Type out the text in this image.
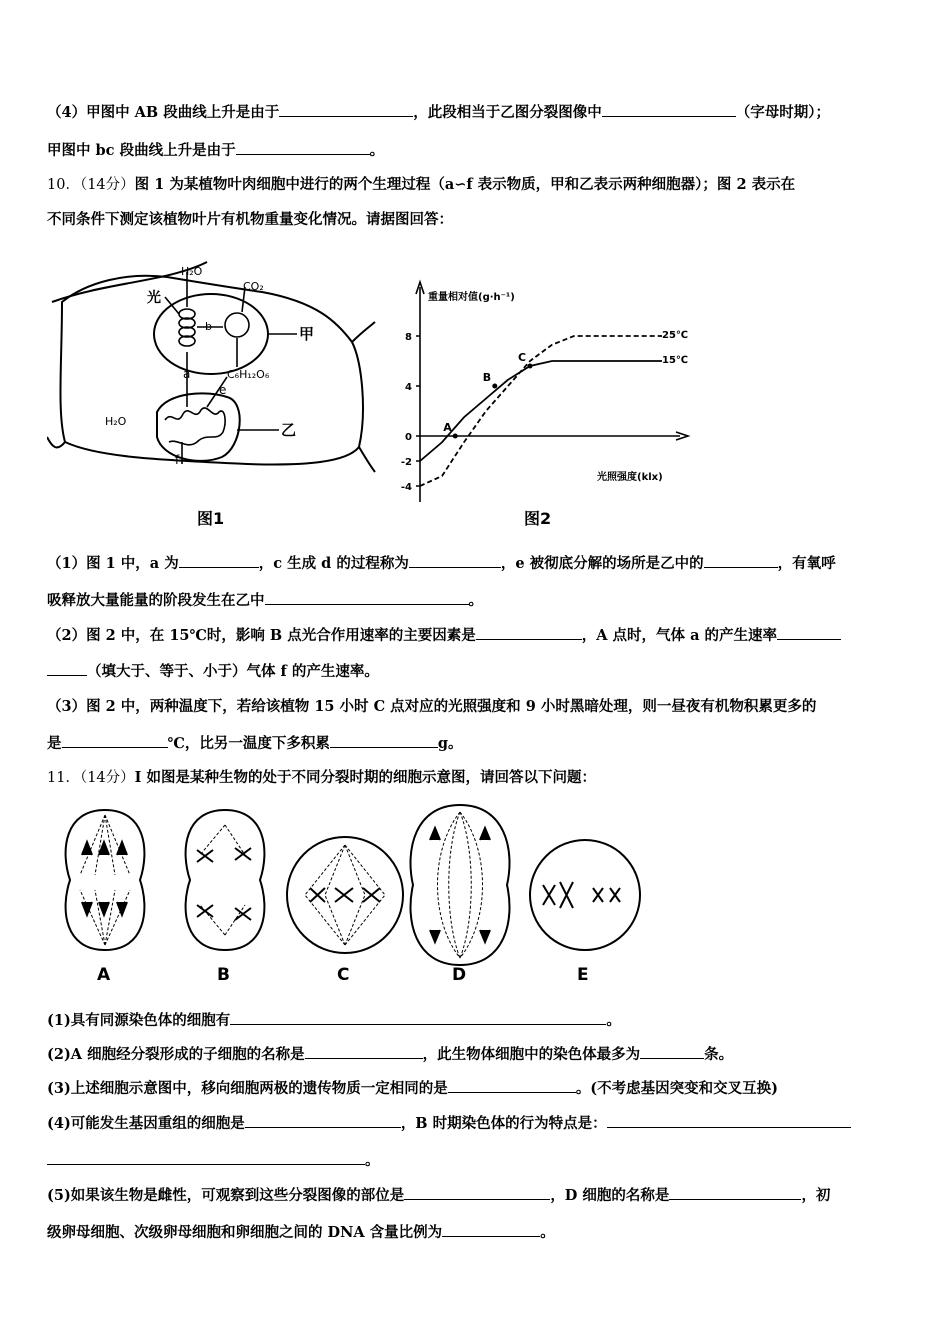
（4）甲图中 AB 段曲线上升是由于	，此段相当于乙图分裂图像中	（字母时期）；
甲图中 bc 段曲线上升是由于	。
10．（14分）图 1 为某植物叶肉细胞中进行的两个生理过程（a∽f 表示物质，甲和乙表示两种细胞器）；图 2 表示在
不同条件下测定该植物叶片有机物重量变化情况。请据图回答：
H₂O
CO₂
光
b
a	C₆H₁₂O₆
e
H₂O
f
甲
乙
图1
-4
-2
0
4
8
A
B
C
重量相对值(g·h⁻¹)
光照强度(klx)
25℃
15℃
图2
（1）图 1 中，a 为	，c 生成 d 的过程称为	，e 被彻底分解的场所是乙中的	，有氧呼
吸释放大量能量的阶段发生在乙中	。
（2）图 2 中，在 15℃时，影响 B 点光合作用速率的主要因素是	，A 点时，气体 a 的产生速率
（填大于、等于、小于）气体 f 的产生速率。
（3）图 2 中，两种温度下，若给该植物 15 小时 C 点对应的光照强度和 9 小时黑暗处理，则一昼夜有机物积累更多的
是	℃，比另一温度下多积累	g。
11．（14分）I 如图是某种生物的处于不同分裂时期的细胞示意图，请回答以下问题：
A	B	C	D	E
(1)具有同源染色体的细胞有	。
(2)A 细胞经分裂形成的子细胞的名称是	，此生物体细胞中的染色体最多为	条。
(3)上述细胞示意图中，移向细胞两极的遗传物质一定相同的是	。(不考虑基因突变和交叉互换)
(4)可能发生基因重组的细胞是	，B 时期染色体的行为特点是：
。
(5)如果该生物是雌性，可观察到这些分裂图像的部位是	，D 细胞的名称是	，初
级卵母细胞、次级卵母细胞和卵细胞之间的 DNA 含量比例为	。
